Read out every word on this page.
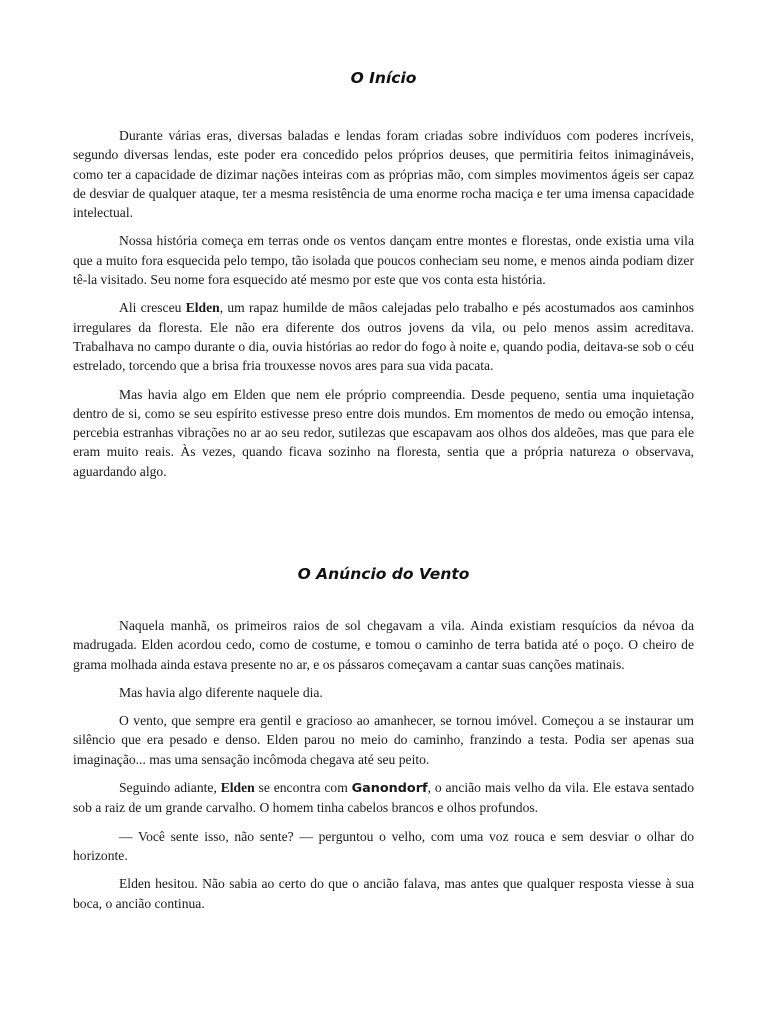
O Início

Durante várias eras, diversas baladas e lendas foram criadas sobre indivíduos com poderes incríveis, segundo diversas lendas, este poder era concedido pelos próprios deuses, que permitiria feitos inimagináveis, como ter a capacidade de dizimar nações inteiras com as próprias mão, com simples movimentos ágeis ser capaz de desviar de qualquer ataque, ter a mesma resistência de uma enorme rocha maciça e ter uma imensa capacidade intelectual.

Nossa história começa em terras onde os ventos dançam entre montes e florestas, onde existia uma vila que a muito fora esquecida pelo tempo, tão isolada que poucos conheciam seu nome, e menos ainda podiam dizer tê-la visitado. Seu nome fora esquecido até mesmo por este que vos conta esta história.

Ali cresceu Elden, um rapaz humilde de mãos calejadas pelo trabalho e pés acostumados aos caminhos irregulares da floresta. Ele não era diferente dos outros jovens da vila, ou pelo menos assim acreditava. Trabalhava no campo durante o dia, ouvia histórias ao redor do fogo à noite e, quando podia, deitava-se sob o céu estrelado, torcendo que a brisa fria trouxesse novos ares para sua vida pacata.

Mas havia algo em Elden que nem ele próprio compreendia. Desde pequeno, sentia uma inquietação dentro de si, como se seu espírito estivesse preso entre dois mundos. Em momentos de medo ou emoção intensa, percebia estranhas vibrações no ar ao seu redor, sutilezas que escapavam aos olhos dos aldeões, mas que para ele eram muito reais. Às vezes, quando ficava sozinho na floresta, sentia que a própria natureza o observava, aguardando algo.

O Anúncio do Vento

Naquela manhã, os primeiros raios de sol chegavam a vila. Ainda existiam resquícios da névoa da madrugada. Elden acordou cedo, como de costume, e tomou o caminho de terra batida até o poço. O cheiro de grama molhada ainda estava presente no ar, e os pássaros começavam a cantar suas canções matinais.

Mas havia algo diferente naquele dia.

O vento, que sempre era gentil e gracioso ao amanhecer, se tornou imóvel. Começou a se instaurar um silêncio que era pesado e denso. Elden parou no meio do caminho, franzindo a testa. Podia ser apenas sua imaginação... mas uma sensação incômoda chegava até seu peito.

Seguindo adiante, Elden se encontra com Ganondorf, o ancião mais velho da vila. Ele estava sentado sob a raiz de um grande carvalho. O homem tinha cabelos brancos e olhos profundos.

— Você sente isso, não sente? — perguntou o velho, com uma voz rouca e sem desviar o olhar do horizonte.

Elden hesitou. Não sabia ao certo do que o ancião falava, mas antes que qualquer resposta viesse à sua boca, o ancião continua.
